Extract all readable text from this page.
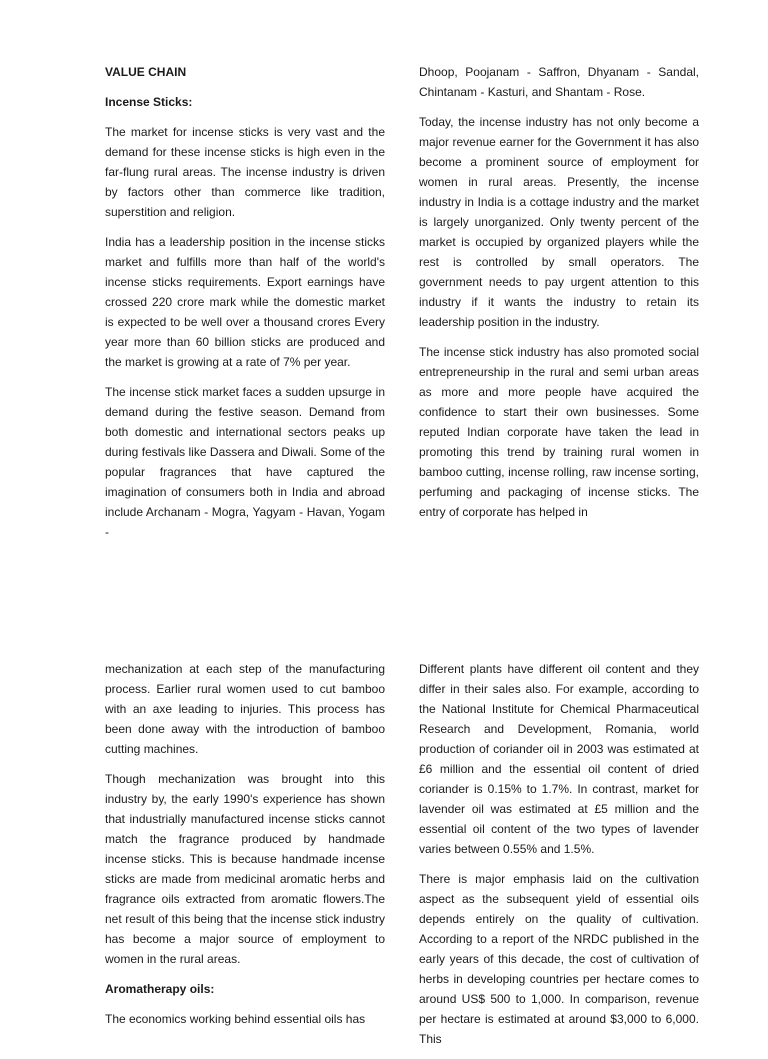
VALUE CHAIN
Incense Sticks:

The market for incense sticks is very vast and the demand for these incense sticks is high even in the far-flung rural areas. The incense industry is driven by factors other than commerce like tradition, superstition and religion.

India has a leadership position in the incense sticks market and fulfills more than half of the world's incense sticks requirements. Export earnings have crossed 220 crore mark while the domestic market is expected to be well over a thousand crores Every year more than 60 billion sticks are produced and the market is growing at a rate of 7% per year.

The incense stick market faces a sudden upsurge in demand during the festive season. Demand from both domestic and international sectors peaks up during festivals like Dassera and Diwali. Some of the popular fragrances that have captured the imagination of consumers both in India and abroad include Archanam - Mogra, Yagyam - Havan, Yogam -

Dhoop, Poojanam - Saffron, Dhyanam - Sandal, Chintanam - Kasturi, and Shantam - Rose.

Today, the incense industry has not only become a major revenue earner for the Government it has also become a prominent source of employment for women in rural areas. Presently, the incense industry in India is a cottage industry and the market is largely unorganized. Only twenty percent of the market is occupied by organized players while the rest is controlled by small operators. The government needs to pay urgent attention to this industry if it wants the industry to retain its leadership position in the industry.

The incense stick industry has also promoted social entrepreneurship in the rural and semi urban areas as more and more people have acquired the confidence to start their own businesses. Some reputed Indian corporate have taken the lead in promoting this trend by training rural women in bamboo cutting, incense rolling, raw incense sorting, perfuming and packaging of incense sticks. The entry of corporate has helped in

mechanization at each step of the manufacturing process. Earlier rural women used to cut bamboo with an axe leading to injuries. This process has been done away with the introduction of bamboo cutting machines.

Though mechanization was brought into this industry by, the early 1990's experience has shown that industrially manufactured incense sticks cannot match the fragrance produced by handmade incense sticks. This is because handmade incense sticks are made from medicinal aromatic herbs and fragrance oils extracted from aromatic flowers.The net result of this being that the incense stick industry has become a major source of employment to women in the rural areas.

Aromatherapy oils:

The economics working behind essential oils has

Different plants have different oil content and they differ in their sales also. For example, according to the National Institute for Chemical Pharmaceutical Research and Development, Romania, world production of coriander oil in 2003 was estimated at £6 million and the essential oil content of dried coriander is 0.15% to 1.7%. In contrast, market for lavender oil was estimated at £5 million and the essential oil content of the two types of lavender varies between 0.55% and 1.5%.

There is major emphasis laid on the cultivation aspect as the subsequent yield of essential oils depends entirely on the quality of cultivation. According to a report of the NRDC published in the early years of this decade, the cost of cultivation of herbs in developing countries per hectare comes to around US$ 500 to 1,000. In comparison, revenue per hectare is estimated at around $3,000 to 6,000. This
